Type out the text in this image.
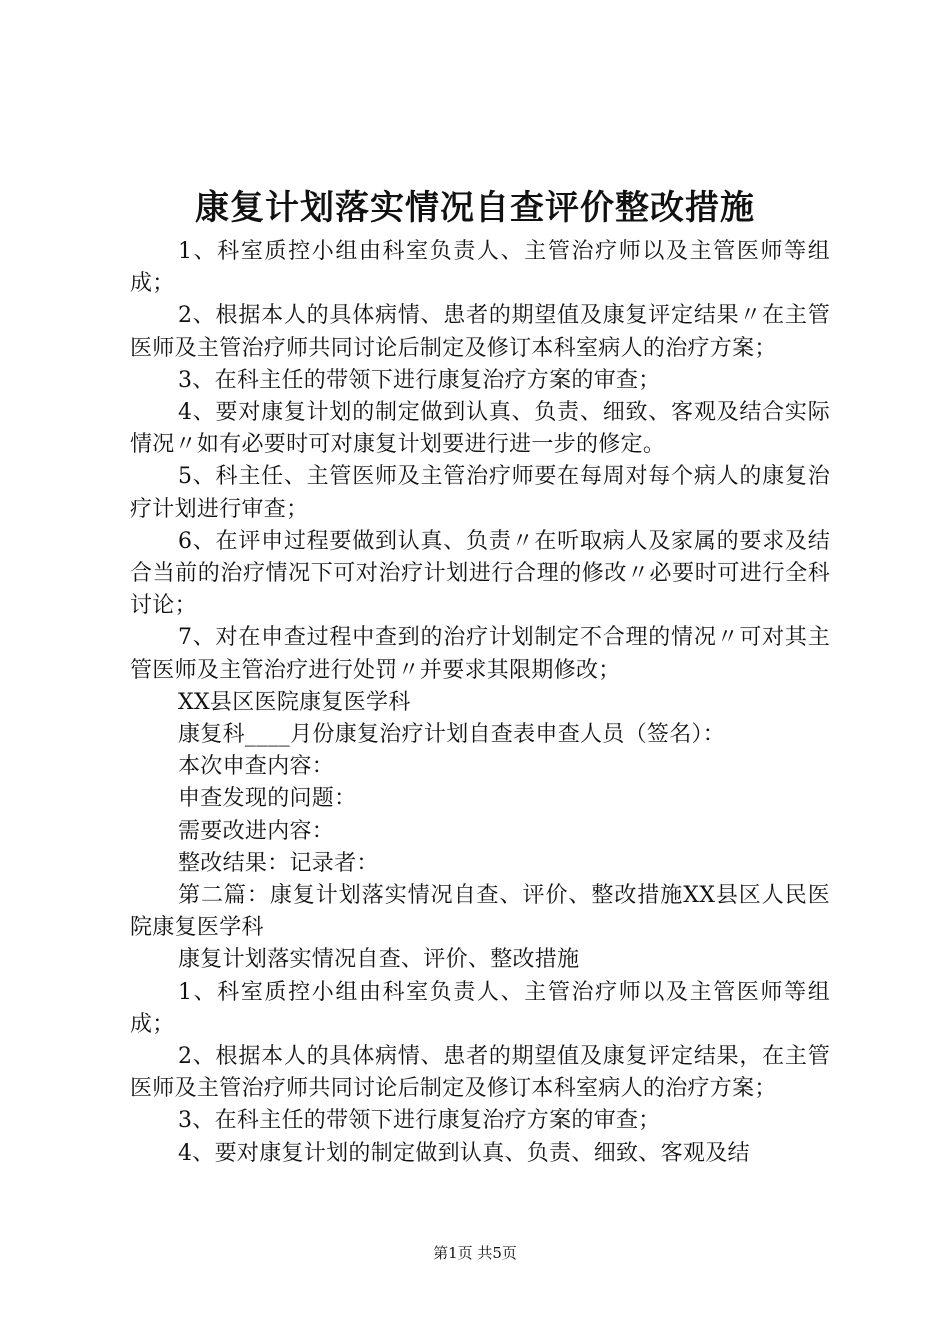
康复计划落实情况自查评价整改措施

1、科室质控小组由科室负责人、主管治疗师以及主管医师等组成；

2、根据本人的具体病情、患者的期望值及康复评定结果〃在主管医师及主管治疗师共同讨论后制定及修订本科室病人的治疗方案；

3、在科主任的带领下进行康复治疗方案的审查；

4、要对康复计划的制定做到认真、负责、细致、客观及结合实际情况〃如有必要时可对康复计划要进行进一步的修定。

5、科主任、主管医师及主管治疗师要在每周对每个病人的康复治疗计划进行审查；

6、在评申过程要做到认真、负责〃在听取病人及家属的要求及结合当前的治疗情况下可对治疗计划进行合理的修改〃必要时可进行全科讨论；

7、对在申查过程中查到的治疗计划制定不合理的情况〃可对其主管医师及主管治疗进行处罚〃并要求其限期修改；

XX县区医院康复医学科

康复科____月份康复治疗计划自查表申查人员（签名）：

本次申查内容：

申查发现的问题：

需要改进内容：

整改结果：记录者：

第二篇：康复计划落实情况自查、评价、整改措施XX县区人民医院康复医学科

康复计划落实情况自查、评价、整改措施

1、科室质控小组由科室负责人、主管治疗师以及主管医师等组成；

2、根据本人的具体病情、患者的期望值及康复评定结果，在主管医师及主管治疗师共同讨论后制定及修订本科室病人的治疗方案；

3、在科主任的带领下进行康复治疗方案的审查；

4、要对康复计划的制定做到认真、负责、细致、客观及结

第1页 共5页
